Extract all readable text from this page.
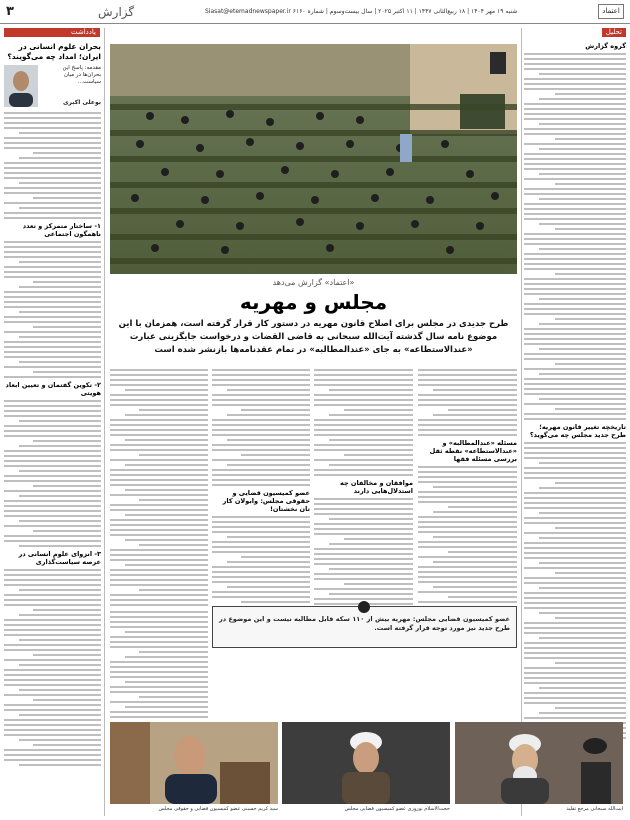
۳	گزارش	Siasat@etemadnewspaper.ir شنبه ۱۹ مهر ۱۴۰۴ | ۱۸ ربیع‌الثانی ۱۴۴۷ | ۱۱ اکتبر ۲۰۲۵ | سال بیست‌وسوم | شماره ۶۱۶۰	اعتماد
تحلیل
گروه گزارش
تاریخچه تغییر قانون مهریه؛ طرح جدید مجلس چه می‌گوید؟
یادداشت
بحران علوم انسانی در ایران؛ امداد چه می‌گویند؟
مقدمه: پاسخ این بحران‌ها در میان سیاست...
بوعلی اکبری
۱- ساختار متمرکز و تعدد ناهمگون اجتماعی
۲- تکوین گفتمان و تعیین ابعاد هویتی
۳- انزوای علوم انسانی در عرصه سیاست‌گذاری
«اعتماد» گزارش می‌دهد
مجلس و مهریه
طرح جدیدی در مجلس برای اصلاح قانون مهریه در دستور کار قرار گرفته است، همزمان با این موضوع نامه سال گذشته آیت‌الله سبحانی به قاضی القضات و درخواست جایگزینی عبارت «عندالاستطاعه» به جای «عندالمطالبه» در تمام عقدنامه‌ها بازنشر شده است
مسئله «عندالمطالبه» و «عندالاستطاعه» نقطه ثقل بررسی مسئله فقها
موافقان و مخالفان چه استدلال‌هایی دارند
عضو کمیسیون قضایی و حقوقی مجلس: وابولان کار تان نخشتان!
عضو کمیسیون قضایی مجلس: مهریه بیش از ۱۱۰ سکه قابل مطالبه نیست و این موضوع در طرح جدید نیز مورد توجه قرار گرفته است.
سید کریم حسینی عضو کمیسیون قضایی و حقوقی مجلس	حجت‌الاسلام نوروزی عضو کمیسیون قضایی مجلس	آیت‌الله سبحانی مرجع تقلید
